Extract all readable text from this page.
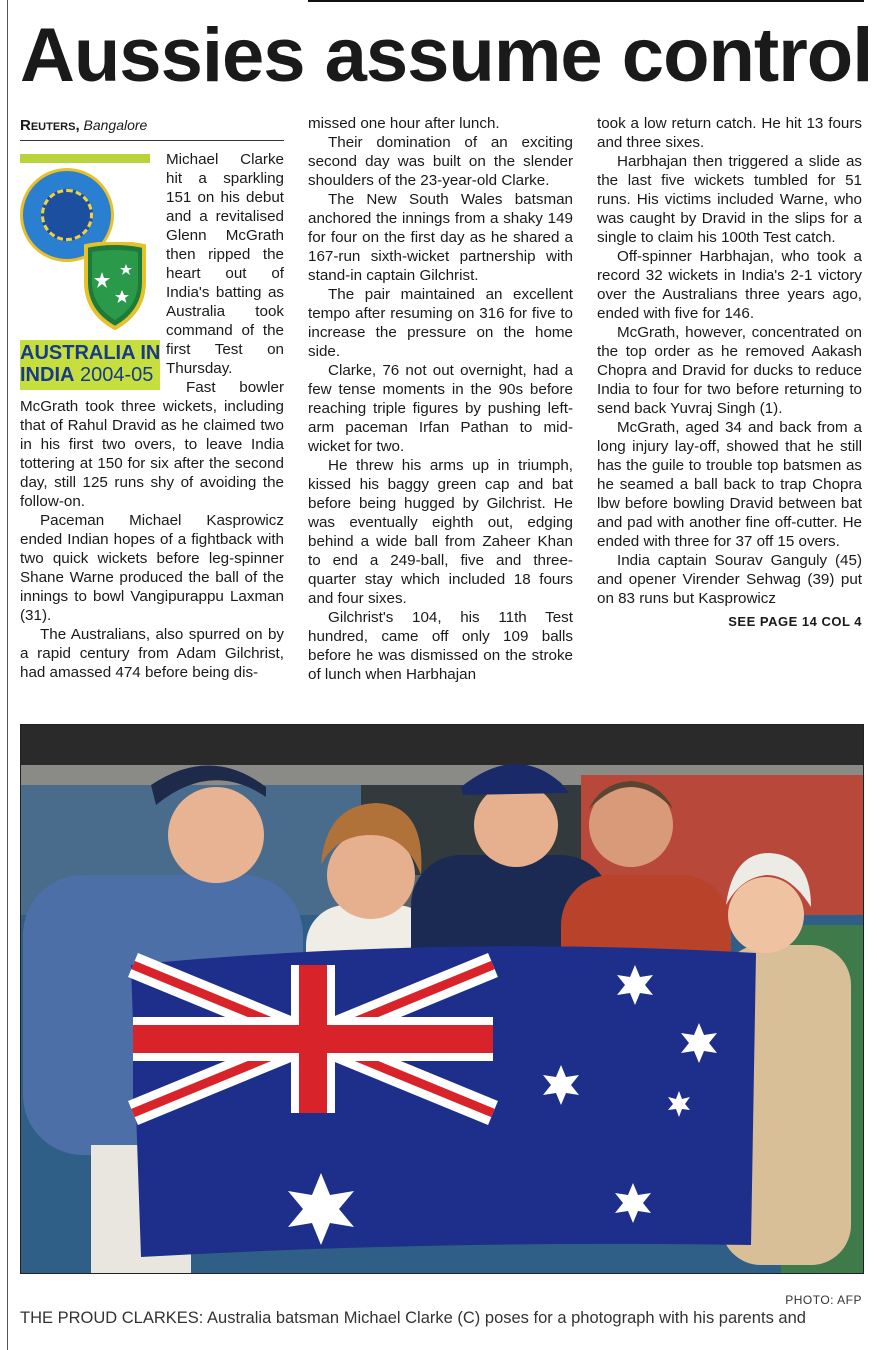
Aussies assume control
Reuters, Bangalore
AUSTRALIA IN
INDIA 2004-05

Michael Clarke hit a sparkling 151 on his debut and a revitalised Glenn McGrath then ripped the heart out of India's batting as Australia took command of the first Test on Thursday.

Fast bowler McGrath took three wickets, including that of Rahul Dravid as he claimed two in his first two overs, to leave India tottering at 150 for six after the second day, still 125 runs shy of avoiding the follow-on.

Paceman Michael Kasprowicz ended Indian hopes of a fightback with two quick wickets before leg-spinner Shane Warne produced the ball of the innings to bowl Vangipurappu Laxman (31).

The Australians, also spurred on by a rapid century from Adam Gilchrist, had amassed 474 before being dis-

missed one hour after lunch.

Their domination of an exciting second day was built on the slender shoulders of the 23-year-old Clarke.

The New South Wales batsman anchored the innings from a shaky 149 for four on the first day as he shared a 167-run sixth-wicket partnership with stand-in captain Gilchrist.

The pair maintained an excellent tempo after resuming on 316 for five to increase the pressure on the home side.

Clarke, 76 not out overnight, had a few tense moments in the 90s before reaching triple figures by pushing left-arm paceman Irfan Pathan to mid-wicket for two.

He threw his arms up in triumph, kissed his baggy green cap and bat before being hugged by Gilchrist. He was eventually eighth out, edging behind a wide ball from Zaheer Khan to end a 249-ball, five and three-quarter stay which included 18 fours and four sixes.

Gilchrist's 104, his 11th Test hundred, came off only 109 balls before he was dismissed on the stroke of lunch when Harbhajan

took a low return catch. He hit 13 fours and three sixes.

Harbhajan then triggered a slide as the last five wickets tumbled for 51 runs. His victims included Warne, who was caught by Dravid in the slips for a single to claim his 100th Test catch.

Off-spinner Harbhajan, who took a record 32 wickets in India's 2-1 victory over the Australians three years ago, ended with five for 146.

McGrath, however, concentrated on the top order as he removed Aakash Chopra and Dravid for ducks to reduce India to four for two before returning to send back Yuvraj Singh (1).

McGrath, aged 34 and back from a long injury lay-off, showed that he still has the guile to trouble top batsmen as he seamed a ball back to trap Chopra lbw before bowling Dravid between bat and pad with another fine off-cutter. He ended with three for 37 off 15 overs.

India captain Sourav Ganguly (45) and opener Virender Sehwag (39) put on 83 runs but Kasprowicz

SEE PAGE 14 COL 4
PHOTO: AFP
THE PROUD CLARKES: Australia batsman Michael Clarke (C) poses for a photograph with his parents and
